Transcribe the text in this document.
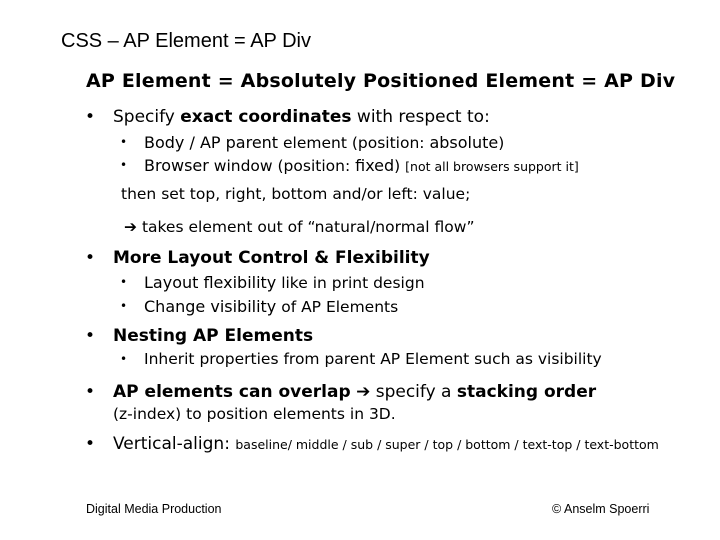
CSS – AP Element = AP Div
AP Element = Absolutely Positioned Element = AP Div
• Specify exact coordinates with respect to:
• Body / AP parent element (position: absolute)
• Browser window (position: fixed) [not all browsers support it]
then set top, right, bottom and/or left: value;
➔ takes element out of “natural/normal flow”
• More Layout Control & Flexibility
• Layout flexibility like in print design
• Change visibility of AP Elements
• Nesting AP Elements
• Inherit properties from parent AP Element such as visibility
• AP elements can overlap ➔ specify a stacking order
(z-index) to position elements in 3D.
• Vertical-align: baseline/ middle / sub / super / top / bottom / text-top / text-bottom
Digital Media Production	© Anselm Spoerri
